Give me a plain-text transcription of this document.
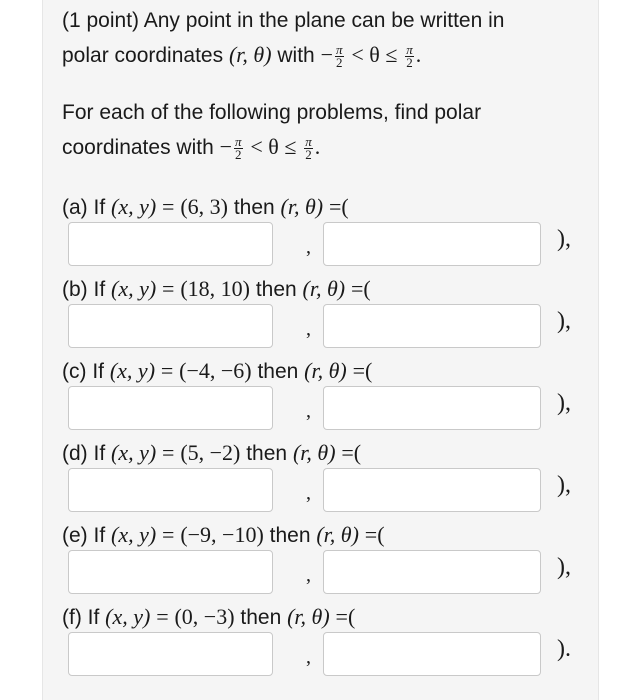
(1 point) Any point in the plane can be written in
polar coordinates (r, θ) with − $\frac{\pi}{2} < \theta \le \frac{\pi}{2}$ .
For each of the following problems, find polar
coordinates with − $\frac{\pi}{2} < \theta \le \frac{\pi}{2}$ .
(a) If (x, y) = (6, 3) then (r, θ) =(
,	),
(b) If (x, y) = (18, 10) then (r, θ) =(
,	),
(c) If (x, y) = (−4, −6) then (r, θ) =(
,	),
(d) If (x, y) = (5, −2) then (r, θ) =(
,	),
(e) If (x, y) = (−9, −10) then (r, θ) =(
,	),
(f) If (x, y) = (0, −3) then (r, θ) =(
,	).
